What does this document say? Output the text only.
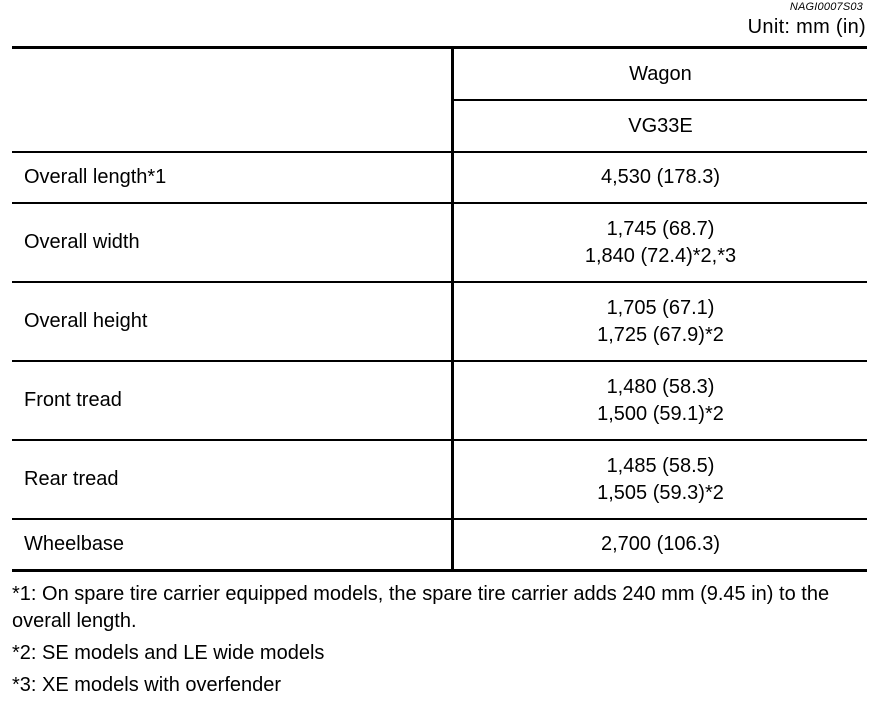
NAGI0007S03
Unit: mm (in)
	Wagon
	VG33E
Overall length*1	4,530 (178.3)

Overall width	1,745 (68.7)
1,840 (72.4)*2,*3

Overall height	1,705 (67.1)
1,725 (67.9)*2

Front tread	1,480 (58.3)
1,500 (59.1)*2

Rear tread	1,485 (58.5)
1,505 (59.3)*2

Wheelbase	2,700 (106.3)

*1: On spare tire carrier equipped models, the spare tire carrier adds 240 mm (9.45 in) to the overall length.

*2: SE models and LE wide models

*3: XE models with overfender
